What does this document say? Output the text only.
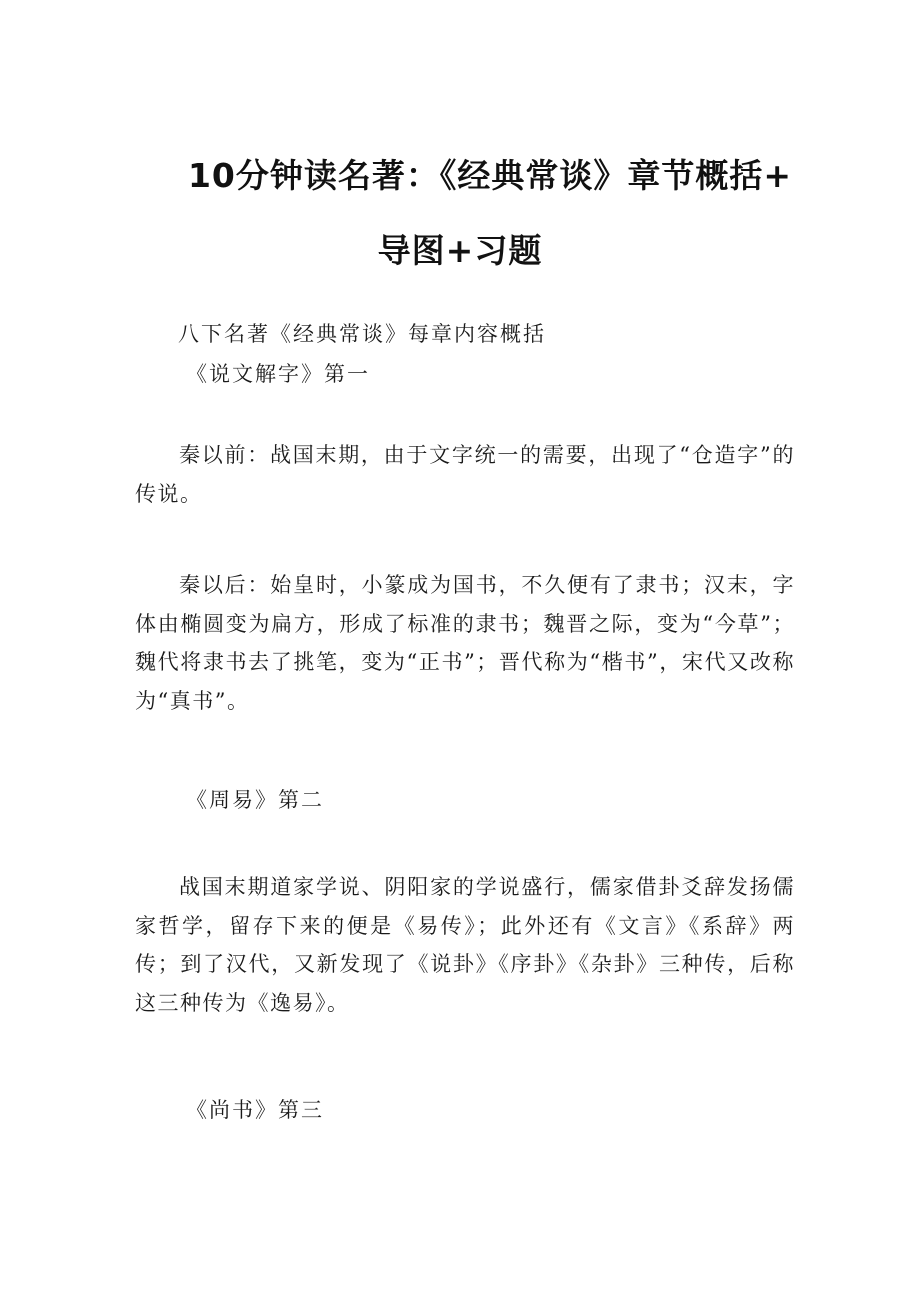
10分钟读名著：《经典常谈》章节概括+
导图+习题
八下名著《经典常谈》每章内容概括
《说文解字》第一
秦以前：战国末期，由于文字统一的需要，出现了“仓造字”的传说。
秦以后：始皇时，小篆成为国书，不久便有了隶书；汉末，字体由椭圆变为扁方，形成了标准的隶书；魏晋之际，变为“今草”；魏代将隶书去了挑笔，变为“正书”；晋代称为“楷书”，宋代又改称为“真书”。
《周易》第二
战国末期道家学说、阴阳家的学说盛行，儒家借卦爻辞发扬儒家哲学，留存下来的便是《易传》；此外还有《文言》《系辞》两传；到了汉代，又新发现了《说卦》《序卦》《杂卦》三种传，后称这三种传为《逸易》。
《尚书》第三
